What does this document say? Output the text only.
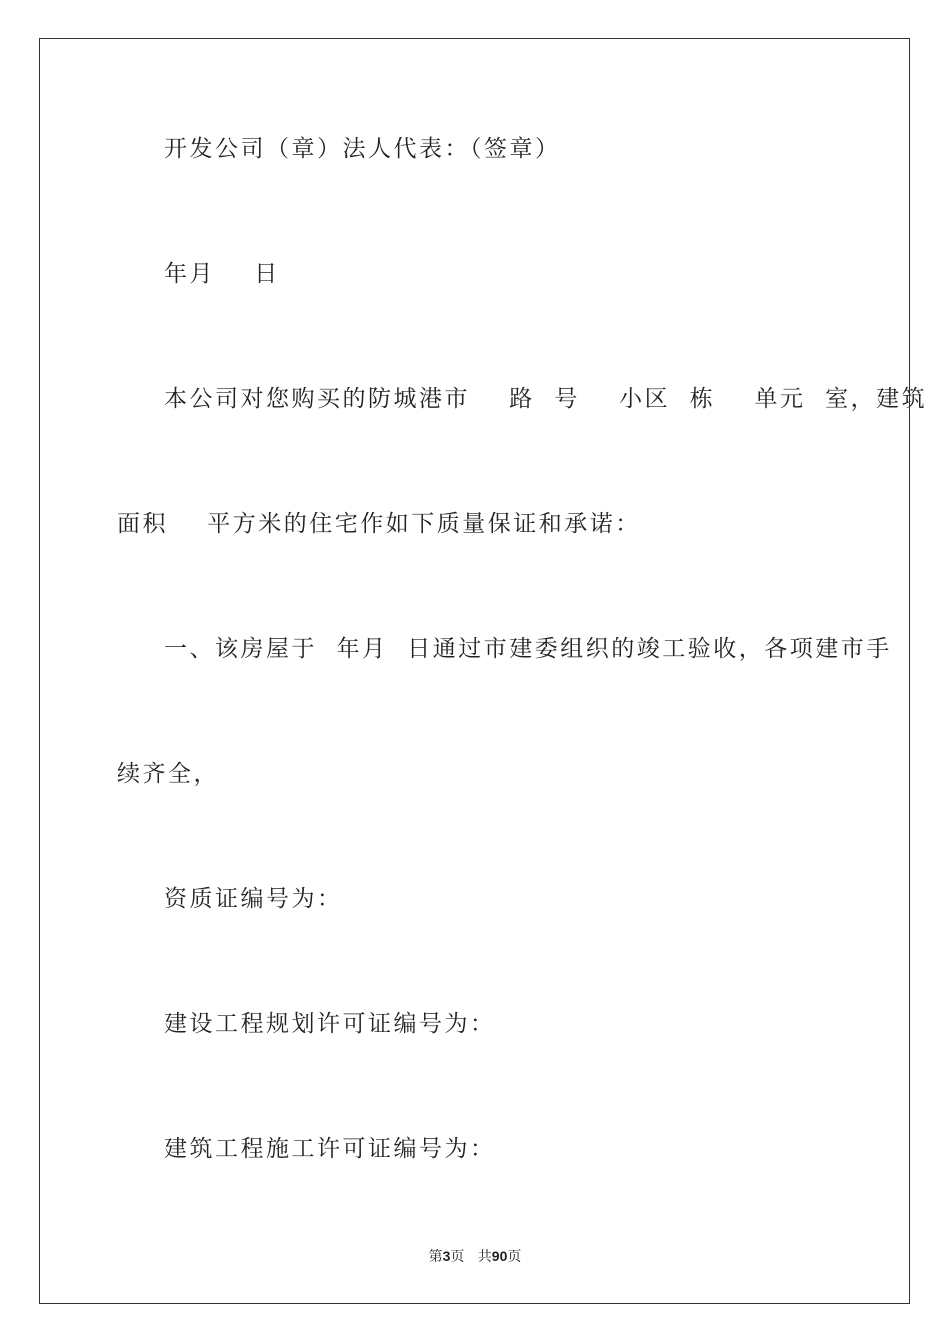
开发公司（章）法人代表：（签章）
年月    日
本公司对您购买的防城港市    路  号    小区  栋    单元  室，建筑
面积    平方米的住宅作如下质量保证和承诺：
一、该房屋于  年月  日通过市建委组织的竣工验收，各项建市手
续齐全，
资质证编号为：
建设工程规划许可证编号为：
建筑工程施工许可证编号为：
第3页 共90页
